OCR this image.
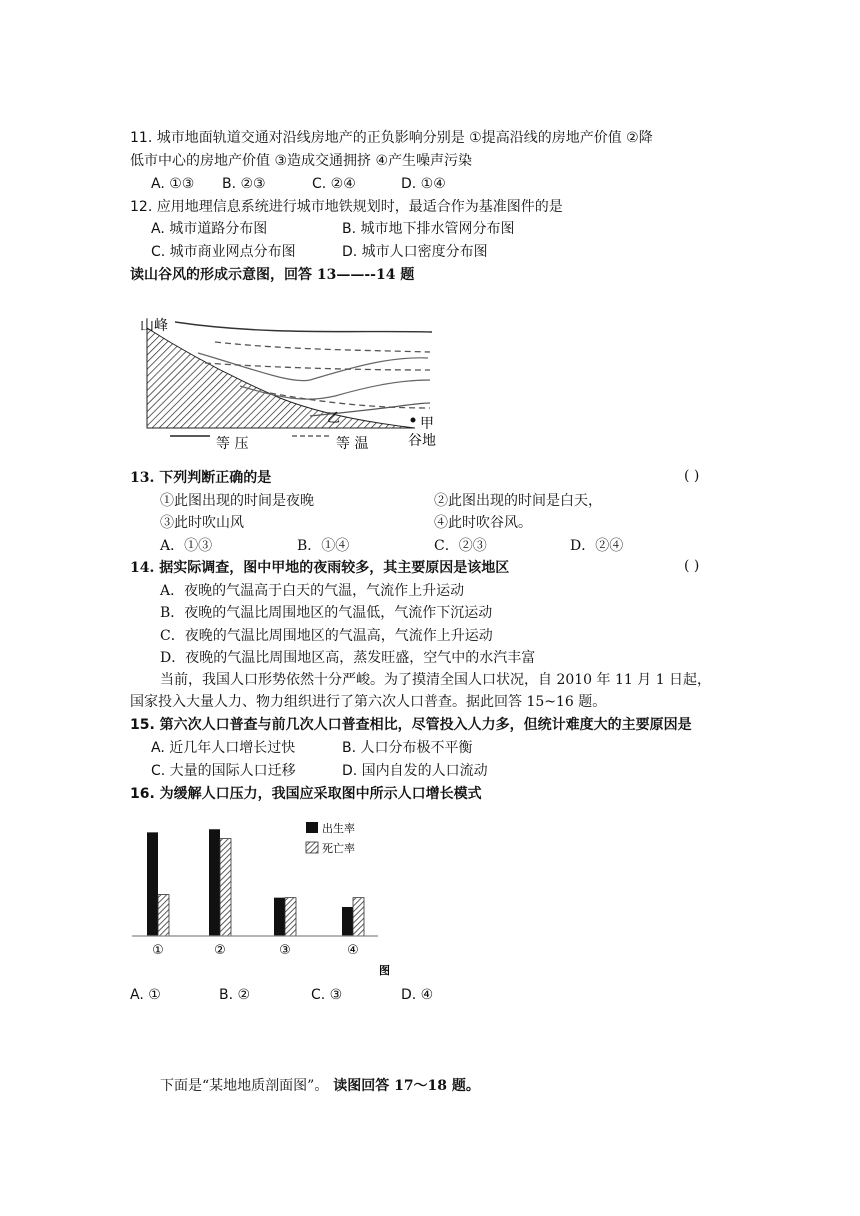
11. 城市地面轨道交通对沿线房地产的正负影响分别是 ①提高沿线的房地产价值 ②降
低市中心的房地产价值 ③造成交通拥挤 ④产生噪声污染
A. ①③ B. ②③	C. ②④	D. ①④
12. 应用地理信息系统进行城市地铁规划时，最适合作为基准图件的是
A. 城市道路分布图	B. 城市地下排水管网分布图
C. 城市商业网点分布图	D. 城市人口密度分布图
读山谷风的形成示意图，回答 13——--14 题
山峰
甲
乙
谷地
等 压	等 温
13. 下列判断正确的是	( )
①此图出现的时间是夜晚	②此图出现的时间是白天，
③此时吹山风	④此时吹谷风。
A．①③	B．①④	C．②③	D．②④
14. 据实际调查，图中甲地的夜雨较多，其主要原因是该地区	( )
A．夜晚的气温高于白天的气温，气流作上升运动
B．夜晚的气温比周围地区的气温低，气流作下沉运动
C．夜晚的气温比周围地区的气温高，气流作上升运动
D．夜晚的气温比周围地区高，蒸发旺盛，空气中的水汽丰富
当前，我国人口形势依然十分严峻。为了摸清全国人口状况，自 2010 年 11 月 1 日起，
国家投入大量人力、物力组织进行了第六次人口普查。据此回答 15~16 题。
15. 第六次人口普查与前几次人口普查相比，尽管投入人力多，但统计难度大的主要原因是
A. 近几年人口增长过快	B. 人口分布极不平衡
C. 大量的国际人口迁移	D. 国内自发的人口流动
16. 为缓解人口压力，我国应采取图中所示人口增长模式
①	②	③	④
出生率
死亡率
图
A. ①	B. ②	C. ③	D. ④
下面是“某地地质剖面图”。 读图回答 17～18 题。
